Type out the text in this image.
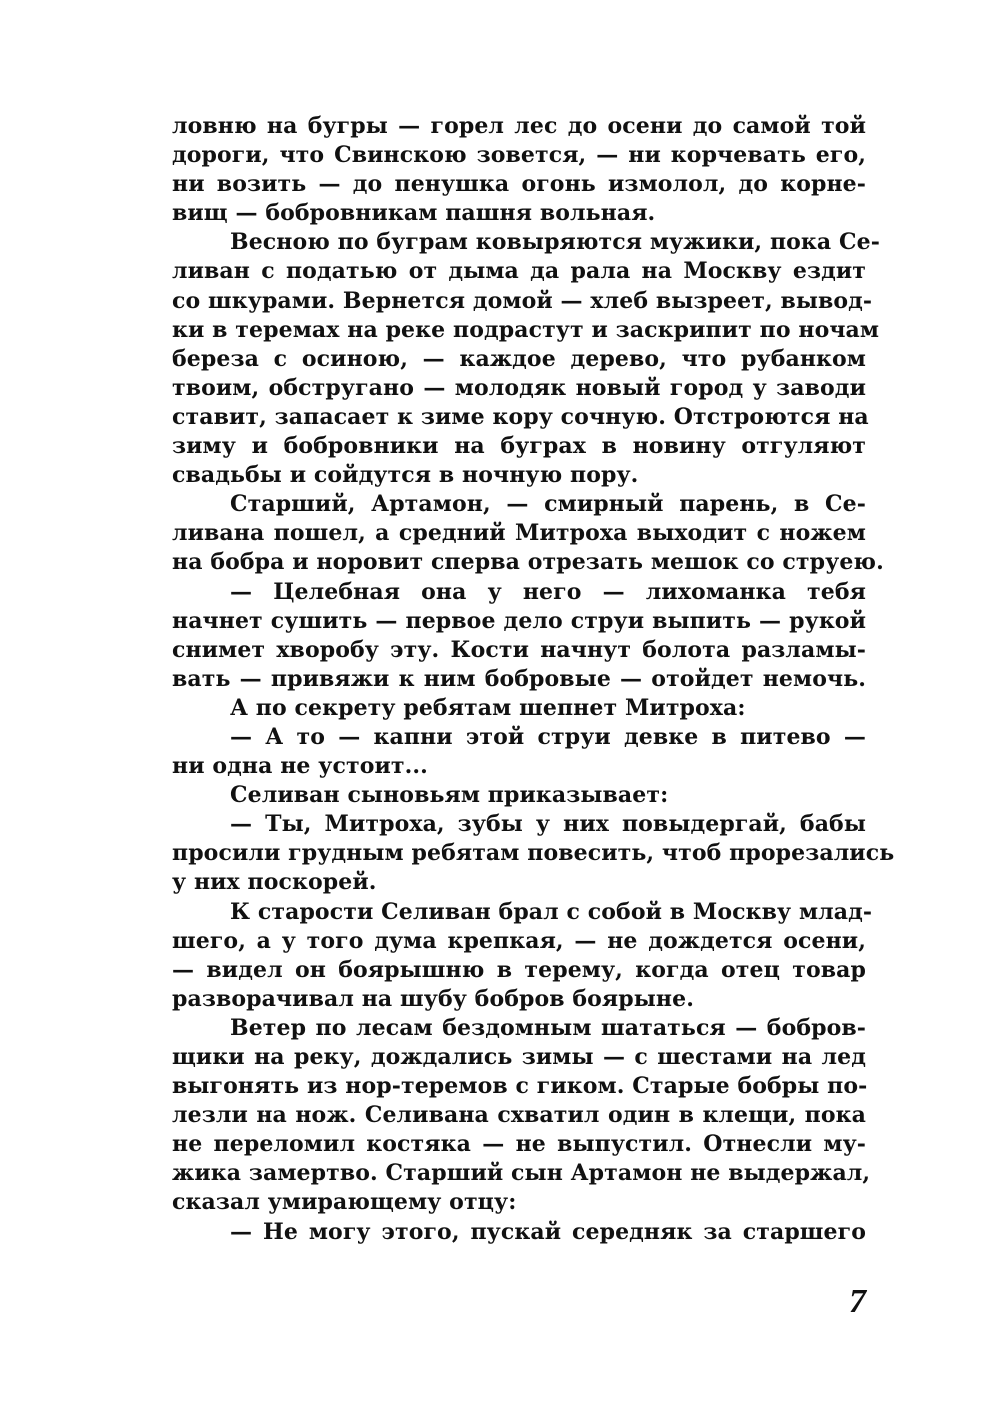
ловню на бугры — горел лес до осени до самой той
дороги, что Свинскою зовется, — ни корчевать его,
ни возить — до пенушка огонь измолол, до корне-
вищ — бобровникам пашня вольная.
Весною по буграм ковыряются мужики, пока Се-
ливан с податью от дыма да рала на Москву ездит
со шкурами. Вернется домой — хлеб вызреет, вывод-
ки в теремах на реке подрастут и заскрипит по ночам
береза с осиною, — каждое дерево, что рубанком
твоим, обстругано — молодяк новый город у заводи
ставит, запасает к зиме кору сочную. Отстроются на
зиму и бобровники на буграх в новину отгуляют
свадьбы и сойдутся в ночную пору.
Старший, Артамон, — смирный парень, в Се-
ливана пошел, а средний Митроха выходит с ножем
на бобра и норовит сперва отрезать мешок со струею.
— Целебная она у него — лихоманка тебя
начнет сушить — первое дело струи выпить — рукой
снимет хворобу эту. Кости начнут болота разламы-
вать — привяжи к ним бобровые — отойдет немочь.
А по секрету ребятам шепнет Митроха:
— А то — капни этой струи девке в питево —
ни одна не устоит...
Селиван сыновьям приказывает:
— Ты, Митроха, зубы у них повыдергай, бабы
просили грудным ребятам повесить, чтоб прорезались
у них поскорей.
К старости Селиван брал с собой в Москву млад-
шего, а у того дума крепкая, — не дождется осени,
— видел он боярышню в терему, когда отец товар
разворачивал на шубу бобров боярыне.
Ветер по лесам бездомным шататься — бобров-
щики на реку, дождались зимы — с шестами на лед
выгонять из нор-теремов с гиком. Старые бобры по-
лезли на нож. Селивана схватил один в клещи, пока
не переломил костяка — не выпустил. Отнесли му-
жика замертво. Старший сын Артамон не выдержал,
сказал умирающему отцу:
— Не могу этого, пускай середняк за старшего
7
